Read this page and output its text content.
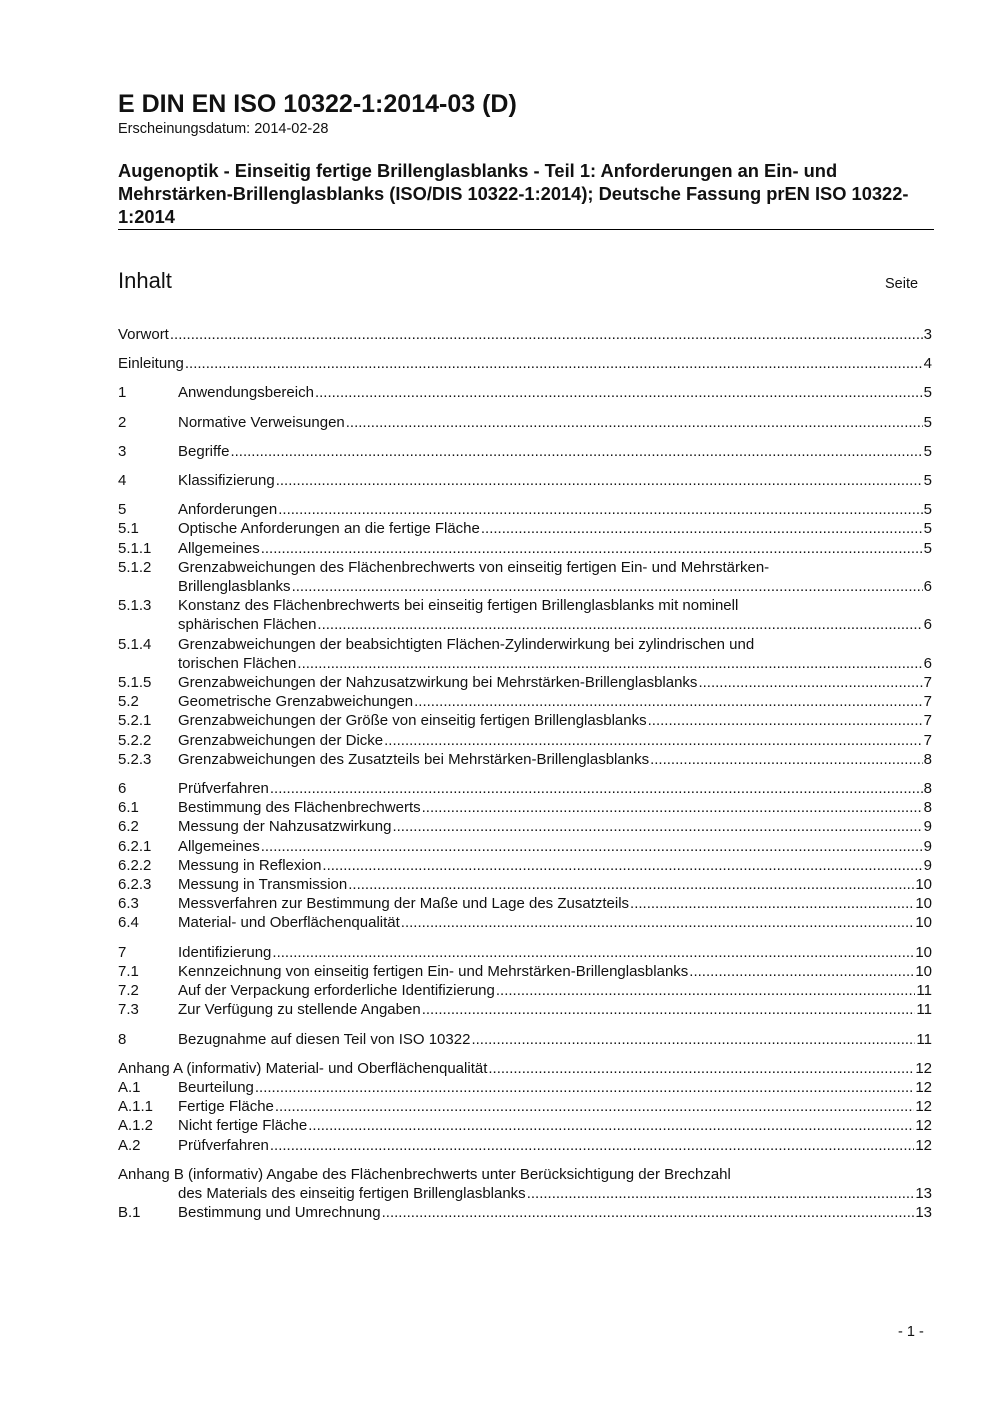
E DIN EN ISO 10322-1:2014-03 (D)
Erscheinungsdatum: 2014-02-28
Augenoptik - Einseitig fertige Brillenglasblanks - Teil 1: Anforderungen an Ein- und Mehrstärken-Brillenglasblanks (ISO/DIS 10322-1:2014); Deutsche Fassung prEN ISO 10322-1:2014
Inhalt	Seite
Vorwort .....	3
Einleitung .....	4
1	Anwendungsbereich .....	5
2	Normative Verweisungen .....	5
3	Begriffe .....	5
4	Klassifizierung .....	5
5	Anforderungen .....	5
5.1	Optische Anforderungen an die fertige Fläche .....	5
5.1.1	Allgemeines .....	5
5.1.2	Grenzabweichungen des Flächenbrechwerts von einseitig fertigen Ein- und Mehrstärken-
Brillenglasblanks .....	6
5.1.3	Konstanz des Flächenbrechwerts bei einseitig fertigen Brillenglasblanks mit nominell
sphärischen Flächen .....	6
5.1.4	Grenzabweichungen der beabsichtigten Flächen-Zylinderwirkung bei zylindrischen und
torischen Flächen .....	6
5.1.5	Grenzabweichungen der Nahzusatzwirkung bei Mehrstärken-Brillenglasblanks .....	7
5.2	Geometrische Grenzabweichungen .....	7
5.2.1	Grenzabweichungen der Größe von einseitig fertigen Brillenglasblanks .....	7
5.2.2	Grenzabweichungen der Dicke .....	7
5.2.3	Grenzabweichungen des Zusatzteils bei Mehrstärken-Brillenglasblanks .....	8
6	Prüfverfahren .....	8
6.1	Bestimmung des Flächenbrechwerts .....	8
6.2	Messung der Nahzusatzwirkung .....	9
6.2.1	Allgemeines .....	9
6.2.2	Messung in Reflexion .....	9
6.2.3	Messung in Transmission .....	10
6.3	Messverfahren zur Bestimmung der Maße und Lage des Zusatzteils .....	10
6.4	Material- und Oberflächenqualität .....	10
7	Identifizierung .....	10
7.1	Kennzeichnung von einseitig fertigen Ein- und Mehrstärken-Brillenglasblanks .....	10
7.2	Auf der Verpackung erforderliche Identifizierung .....	11
7.3	Zur Verfügung zu stellende Angaben .....	11
8	Bezugnahme auf diesen Teil von ISO 10322 .....	11
Anhang A (informativ) Material- und Oberflächenqualität .....	12
A.1	Beurteilung .....	12
A.1.1	Fertige Fläche .....	12
A.1.2	Nicht fertige Fläche .....	12
A.2	Prüfverfahren .....	12
Anhang B (informativ) Angabe des Flächenbrechwerts unter Berücksichtigung der Brechzahl
des Materials des einseitig fertigen Brillenglasblanks .....	13
B.1	Bestimmung und Umrechnung .....	13
- 1 -
